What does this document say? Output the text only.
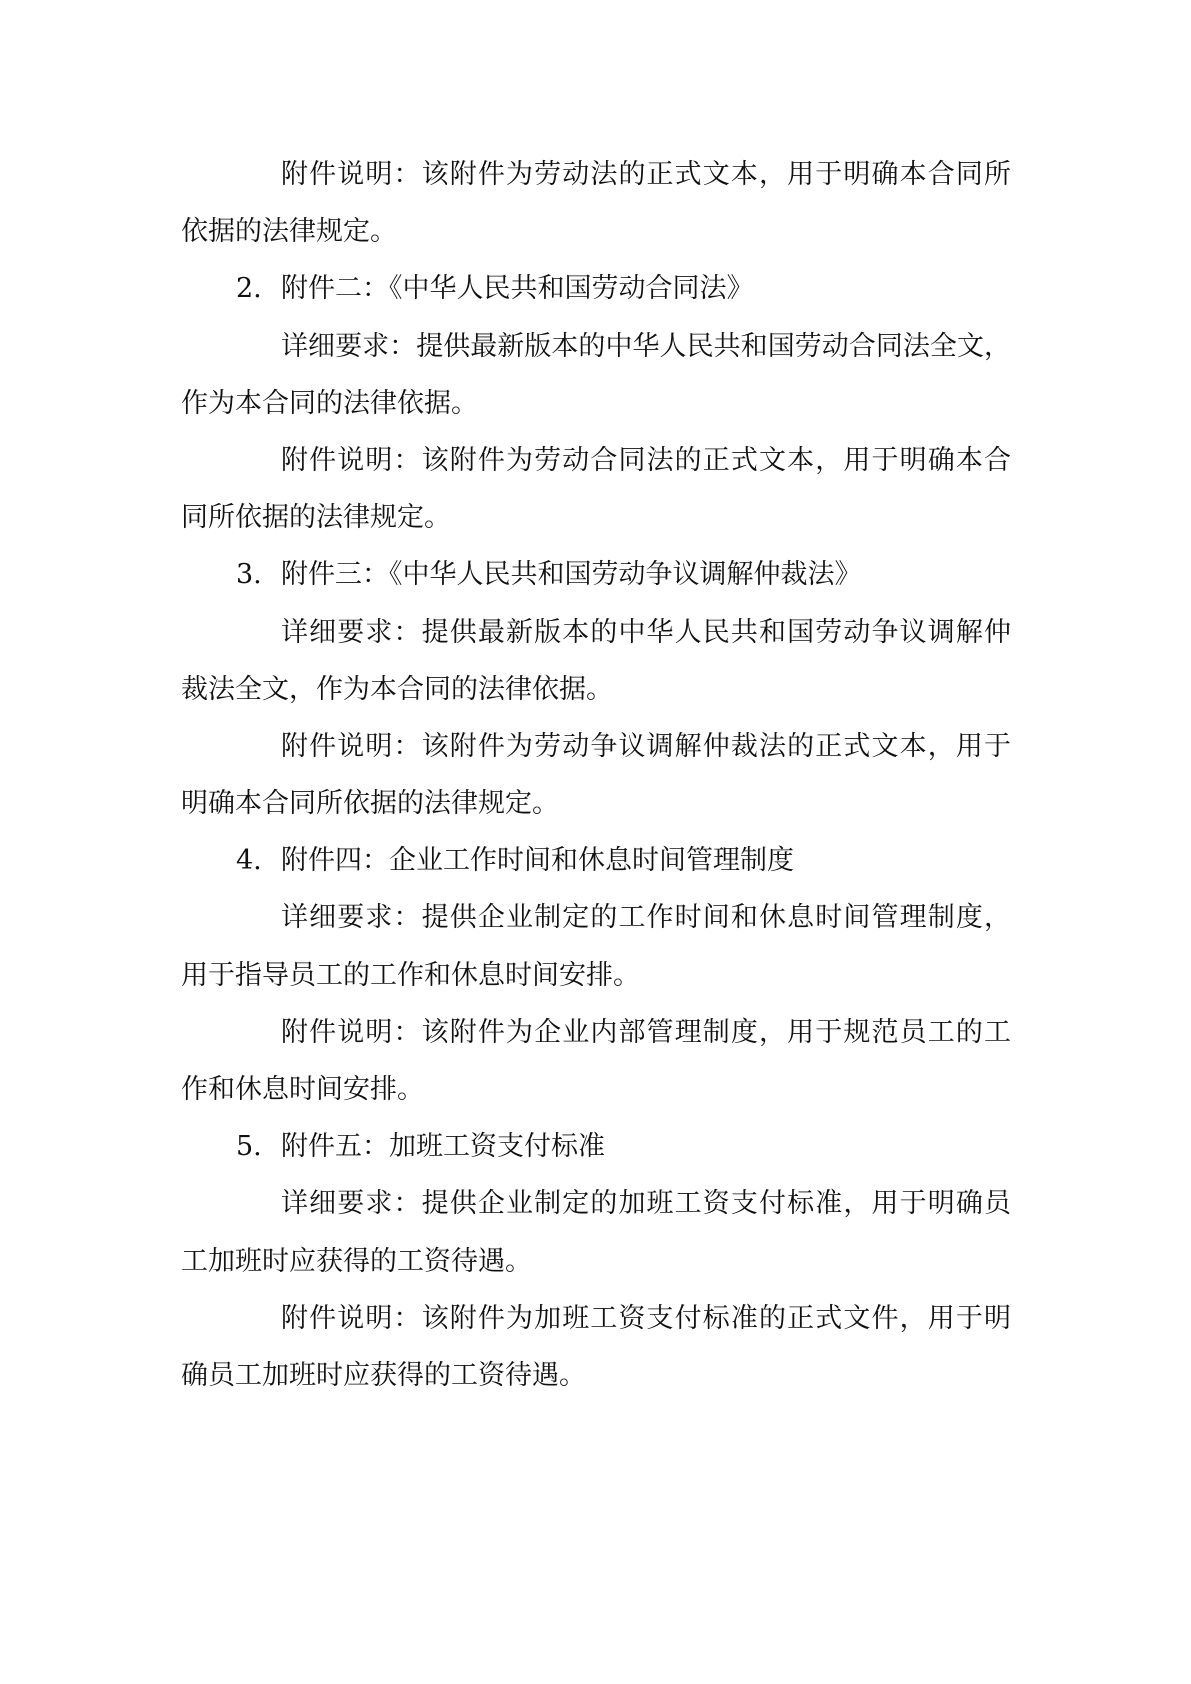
附件说明：该附件为劳动法的正式文本，用于明确本合同所
依据的法律规定。
2. 附件二：《中华人民共和国劳动合同法》
详细要求：提供最新版本的中华人民共和国劳动合同法全文，
作为本合同的法律依据。
附件说明：该附件为劳动合同法的正式文本，用于明确本合
同所依据的法律规定。
3. 附件三：《中华人民共和国劳动争议调解仲裁法》
详细要求：提供最新版本的中华人民共和国劳动争议调解仲
裁法全文，作为本合同的法律依据。
附件说明：该附件为劳动争议调解仲裁法的正式文本，用于
明确本合同所依据的法律规定。
4. 附件四：企业工作时间和休息时间管理制度
详细要求：提供企业制定的工作时间和休息时间管理制度，
用于指导员工的工作和休息时间安排。
附件说明：该附件为企业内部管理制度，用于规范员工的工
作和休息时间安排。
5. 附件五：加班工资支付标准
详细要求：提供企业制定的加班工资支付标准，用于明确员
工加班时应获得的工资待遇。
附件说明：该附件为加班工资支付标准的正式文件，用于明
确员工加班时应获得的工资待遇。
